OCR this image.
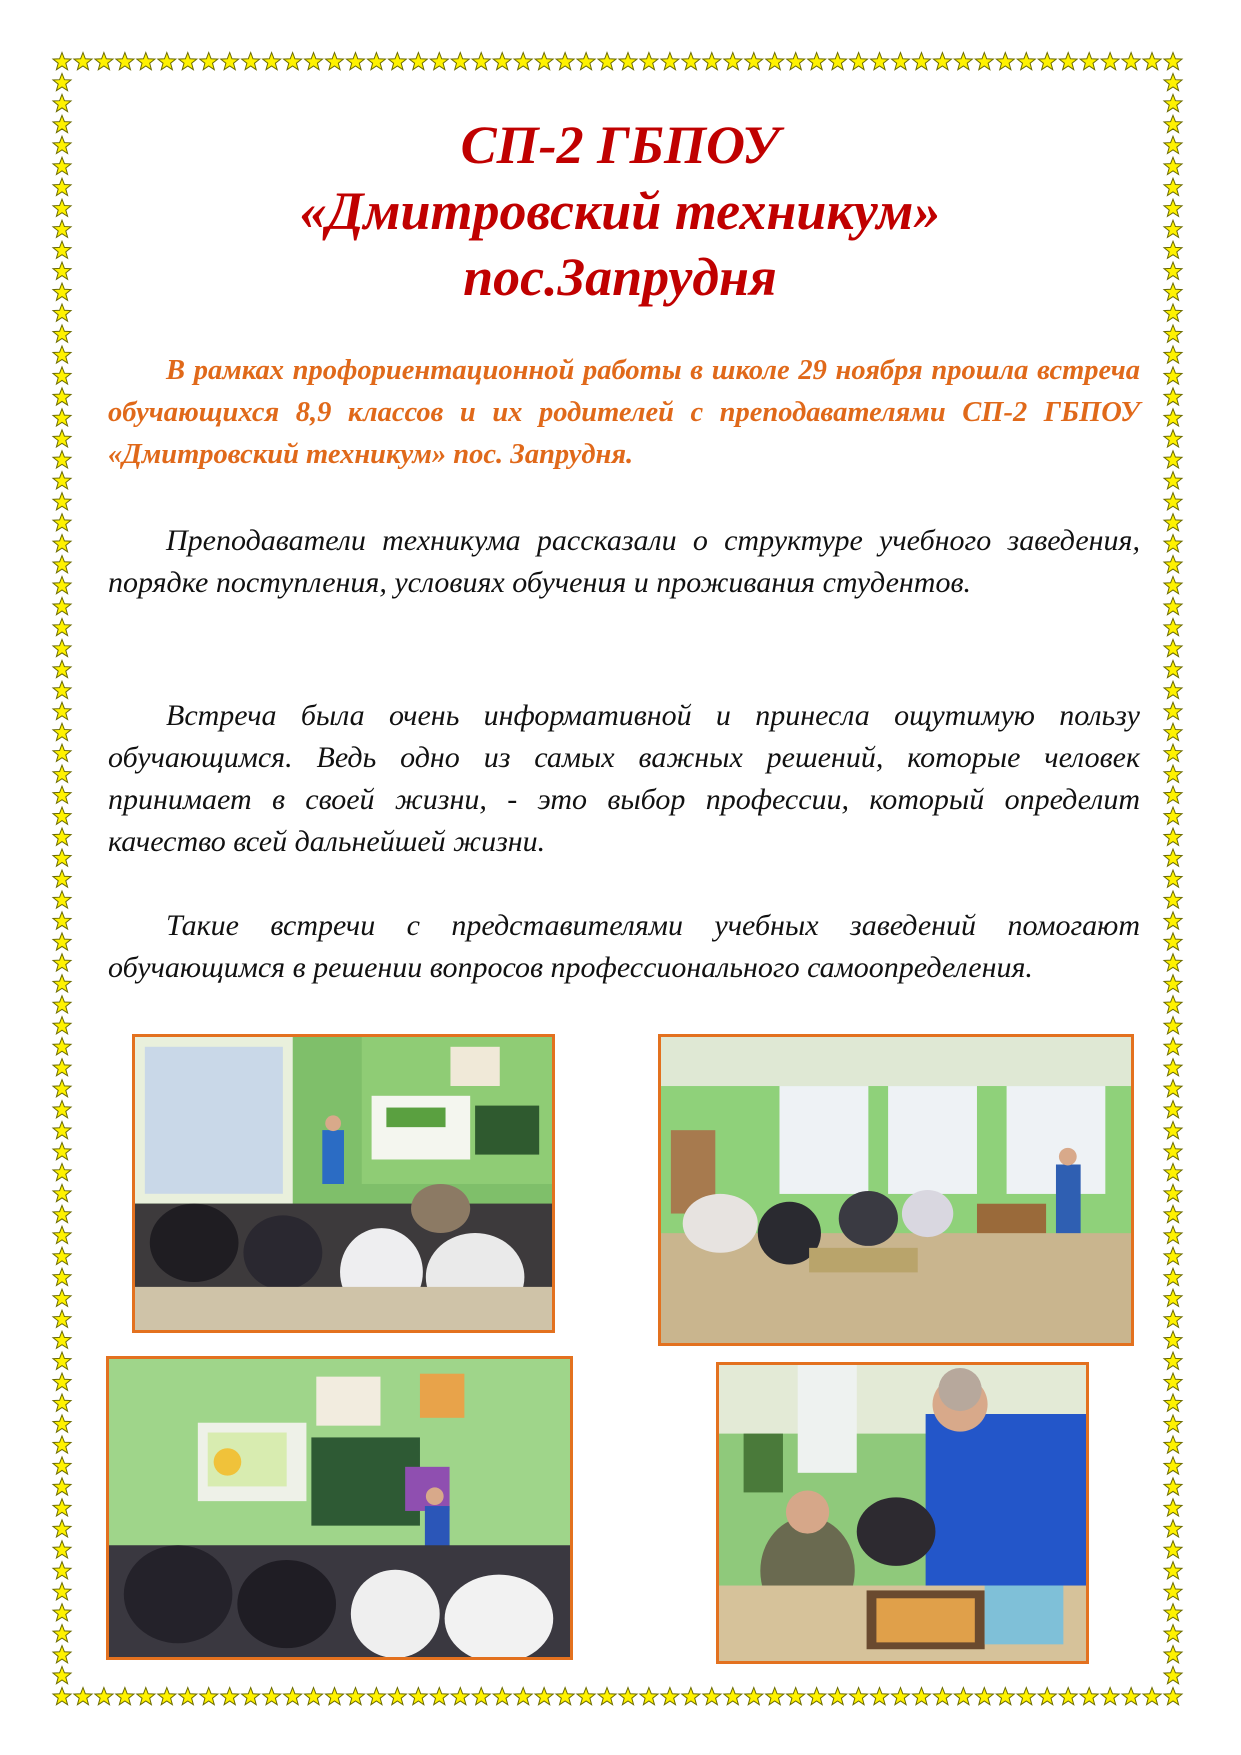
СП-2 ГБПОУ
«Дмитровский техникум»
пос.Запрудня

В рамках профориентационной работы в школе 29 ноября прошла встреча обучающихся 8,9 классов и их родителей с преподавателями СП-2 ГБПОУ «Дмитровский техникум» пос. Запрудня.

Преподаватели техникума рассказали о структуре учебного заведения, порядке поступления, условиях обучения и проживания студентов.

Встреча была очень информативной и принесла ощутимую пользу обучающимся. Ведь одно из самых важных решений, которые человек принимает в своей жизни, - это выбор профессии, который определит качество всей дальнейшей жизни.

Такие встречи с представителями учебных заведений помогают обучающимся в решении вопросов профессионального самоопределения.
